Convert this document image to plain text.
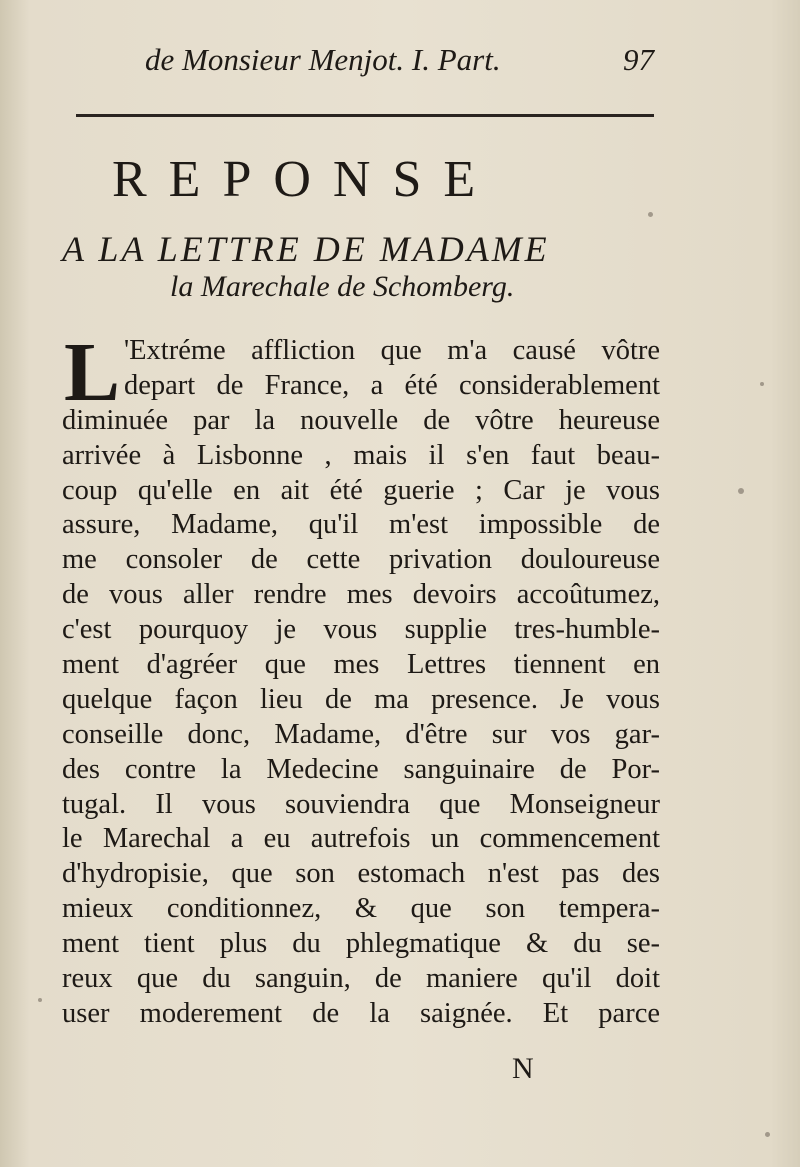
de Monsieur Menjot. I. Part.	97
REPONSE
A LA LETTRE DE MADAME
la Marechale de Schomberg.
L 'Extréme affliction que m'a causé vôtre
depart de France, a été considerablement
diminuée par la nouvelle de vôtre heureuse
arrivée à Lisbonne , mais il s'en faut beau-
coup qu'elle en ait été guerie ; Car je vous
assure, Madame, qu'il m'est impossible de
me consoler de cette privation douloureuse
de vous aller rendre mes devoirs accoûtumez,
c'est pourquoy je vous supplie tres-humble-
ment d'agréer que mes Lettres tiennent en
quelque façon lieu de ma presence. Je vous
conseille donc, Madame, d'être sur vos gar-
des contre la Medecine sanguinaire de Por-
tugal. Il vous souviendra que Monseigneur
le Marechal a eu autrefois un commencement
d'hydropisie, que son estomach n'est pas des
mieux conditionnez, & que son tempera-
ment tient plus du phlegmatique & du se-
reux que du sanguin, de maniere qu'il doit
user moderement de la saignée. Et parce
N
